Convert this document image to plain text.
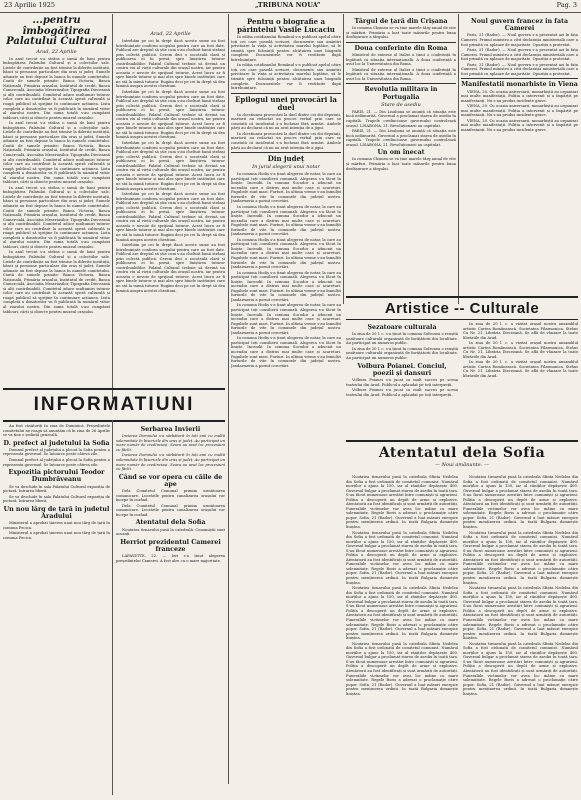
23 Aprilie 1925	„TRIBUNA NOUA”	Pag. 3
...pentru îmbogățirea Palatului Cultural
Arad, 22 Aprilie

In anul trecut s-a strâns o sumă de bani pentru îmbogățirea Palatului Cultural și a colecțiilor sale. Listele de contribuție au fost trimise la diferite instituții, bănci și persoane particulare din oraș și județ. Sumele adunate au fost depuse la banca în numele comitetului. Contă de sumele primite: Banca Victoria, Banca Națională, Primăria orașului, Institutul de credit, Banca Comercială, Asociația Meseriașilor, Tipografia Diecezană și alți contribuabili. Comitetul aduce mulțumiri tuturor celor care au contribuit la această operă culturală și roagă publicul să sprijine în continuare acțiunea. Lista completă a donatorilor va fi publicată în numărul viitor al ziarului nostru. Din suma totală s-au cumpărat tablouri, cărți și obiecte pentru muzeul orașului.

In anul trecut s-a strâns o sumă de bani pentru îmbogățirea Palatului Cultural și a colecțiilor sale. Listele de contribuție au fost trimise la diferite instituții, bănci și persoane particulare din oraș și județ. Sumele adunate au fost depuse la banca în numele comitetului. Contă de sumele primite: Banca Victoria, Banca Națională, Primăria orașului, Institutul de credit, Banca Comercială, Asociația Meseriașilor, Tipografia Diecezană și alți contribuabili. Comitetul aduce mulțumiri tuturor celor care au contribuit la această operă culturală și roagă publicul să sprijine în continuare acțiunea. Lista completă a donatorilor va fi publicată în numărul viitor al ziarului nostru. Din suma totală s-au cumpărat tablouri, cărți și obiecte pentru muzeul orașului.

In anul trecut s-a strâns o sumă de bani pentru îmbogățirea Palatului Cultural și a colecțiilor sale. Listele de contribuție au fost trimise la diferite instituții, bănci și persoane particulare din oraș și județ. Sumele adunate au fost depuse la banca în numele comitetului. Contă de sumele primite: Banca Victoria, Banca Națională, Primăria orașului, Institutul de credit, Banca Comercială, Asociația Meseriașilor, Tipografia Diecezană și alți contribuabili. Comitetul aduce mulțumiri tuturor celor care au contribuit la această operă culturală și roagă publicul să sprijine în continuare acțiunea. Lista completă a donatorilor va fi publicată în numărul viitor al ziarului nostru. Din suma totală s-au cumpărat tablouri, cărți și obiecte pentru muzeul orașului.

In anul trecut s-a strâns o sumă de bani pentru îmbogățirea Palatului Cultural și a colecțiilor sale. Listele de contribuție au fost trimise la diferite instituții, bănci și persoane particulare din oraș și județ. Sumele adunate au fost depuse la banca în numele comitetului. Contă de sumele primite: Banca Victoria, Banca Națională, Primăria orașului, Institutul de credit, Banca Comercială, Asociația Meseriașilor, Tipografia Diecezană și alți contribuabili. Comitetul aduce mulțumiri tuturor celor care au contribuit la această operă culturală și roagă publicul să sprijine în continuare acțiunea. Lista completă a donatorilor va fi publicată în numărul viitor al ziarului nostru. Din suma totală s-au cumpărat tablouri, cărți și obiecte pentru muzeul orașului.

Arad, 22 Aprilie

Intrebăm pe cei în drept dacă aceste sume au fost întrebuințate conform scopului pentru care au fost date. Publicul are dreptul să știe cum s-au cheltuit banii strânși prin colectă publică. Cerem deci o socoteală clară și publicarea ei în presă, spre liniștirea tuturor contribuabililor. Palatul Cultural trebuie să devină un centru viu al vieții culturale din orașul nostru, iar pentru aceasta e nevoie de sprijinul tuturor. Acest lucru ar fi spre binele tuturor și mai ales spre binele instituției care ne stă la inimă tuturor. Rugăm deci pe cei în drept să dea lumină asupra acestei chestiuni.

Intrebăm pe cei în drept dacă aceste sume au fost întrebuințate conform scopului pentru care au fost date. Publicul are dreptul să știe cum s-au cheltuit banii strânși prin colectă publică. Cerem deci o socoteală clară și publicarea ei în presă, spre liniștirea tuturor contribuabililor. Palatul Cultural trebuie să devină un centru viu al vieții culturale din orașul nostru, iar pentru aceasta e nevoie de sprijinul tuturor. Acest lucru ar fi spre binele tuturor și mai ales spre binele instituției care ne stă la inimă tuturor. Rugăm deci pe cei în drept să dea lumină asupra acestei chestiuni.

Intrebăm pe cei în drept dacă aceste sume au fost întrebuințate conform scopului pentru care au fost date. Publicul are dreptul să știe cum s-au cheltuit banii strânși prin colectă publică. Cerem deci o socoteală clară și publicarea ei în presă, spre liniștirea tuturor contribuabililor. Palatul Cultural trebuie să devină un centru viu al vieții culturale din orașul nostru, iar pentru aceasta e nevoie de sprijinul tuturor. Acest lucru ar fi spre binele tuturor și mai ales spre binele instituției care ne stă la inimă tuturor. Rugăm deci pe cei în drept să dea lumină asupra acestei chestiuni.

Intrebăm pe cei în drept dacă aceste sume au fost întrebuințate conform scopului pentru care au fost date. Publicul are dreptul să știe cum s-au cheltuit banii strânși prin colectă publică. Cerem deci o socoteală clară și publicarea ei în presă, spre liniștirea tuturor contribuabililor. Palatul Cultural trebuie să devină un centru viu al vieții culturale din orașul nostru, iar pentru aceasta e nevoie de sprijinul tuturor. Acest lucru ar fi spre binele tuturor și mai ales spre binele instituției care ne stă la inimă tuturor. Rugăm deci pe cei în drept să dea lumină asupra acestei chestiuni.

Intrebăm pe cei în drept dacă aceste sume au fost întrebuințate conform scopului pentru care au fost date. Publicul are dreptul să știe cum s-au cheltuit banii strânși prin colectă publică. Cerem deci o socoteală clară și publicarea ei în presă, spre liniștirea tuturor contribuabililor. Palatul Cultural trebuie să devină un centru viu al vieții culturale din orașul nostru, iar pentru aceasta e nevoie de sprijinul tuturor. Acest lucru ar fi spre binele tuturor și mai ales spre binele instituției care ne stă la inimă tuturor. Rugăm deci pe cei în drept să dea lumină asupra acestei chestiuni.

Pentru o biografie a părintelui Vasile Lucaciu

In ediția cotidianului Românul s-a publicat apelul către toți cei care posedă scrisori, documente sau amintiri privitoare la viața și activitatea marelui luptător, să le trimită spre folosință pentru alcătuirea unei biografii complete. Documentele vor fi restituite după întrebuințare.

In ediția cotidianului Românul s-a publicat apelul către toți cei care posedă scrisori, documente sau amintiri privitoare la viața și activitatea marelui luptător, să le trimită spre folosință pentru alcătuirea unei biografii complete. Documentele vor fi restituite după întrebuințare.

Epilogul unei provocări la duel

In chestiunea provocării la duel dintre cei doi deputați, martorii au redactat un proces verbal prin care se constată că incidentul s-a încheiat fără urmări. Ambele părți au declarat că nu au avut intenția de a jigni.

In chestiunea provocării la duel dintre cei doi deputați, martorii au redactat un proces verbal prin care se constată că incidentul s-a încheiat fără urmări. Ambele părți au declarat că nu au avut intenția de a jigni.

Din județ
In jurul alegerii unui notar

In comuna Hodiș s-a ținut alegerea de notar, la care au participat toți consilierii comunali. Alegerea s-a făcut în liniște. Incendii. In comuna Socodor a izbucnit un incendiu care a distrus mai multe case și acareturi. Pagubele sunt mari. Furturi. In ultima vreme s-au înmulțit furturile de vite în comunele din județul nostru. Jandarmeria a pornit cercetări.

In comuna Hodiș s-a ținut alegerea de notar, la care au participat toți consilierii comunali. Alegerea s-a făcut în liniște. Incendii. In comuna Socodor a izbucnit un incendiu care a distrus mai multe case și acareturi. Pagubele sunt mari. Furturi. In ultima vreme s-au înmulțit furturile de vite în comunele din județul nostru. Jandarmeria a pornit cercetări.

In comuna Hodiș s-a ținut alegerea de notar, la care au participat toți consilierii comunali. Alegerea s-a făcut în liniște. Incendii. In comuna Socodor a izbucnit un incendiu care a distrus mai multe case și acareturi. Pagubele sunt mari. Furturi. In ultima vreme s-au înmulțit furturile de vite în comunele din județul nostru. Jandarmeria a pornit cercetări.

In comuna Hodiș s-a ținut alegerea de notar, la care au participat toți consilierii comunali. Alegerea s-a făcut în liniște. Incendii. In comuna Socodor a izbucnit un incendiu care a distrus mai multe case și acareturi. Pagubele sunt mari. Furturi. In ultima vreme s-au înmulțit furturile de vite în comunele din județul nostru. Jandarmeria a pornit cercetări.

In comuna Hodiș s-a ținut alegerea de notar, la care au participat toți consilierii comunali. Alegerea s-a făcut în liniște. Incendii. In comuna Socodor a izbucnit un incendiu care a distrus mai multe case și acareturi. Pagubele sunt mari. Furturi. In ultima vreme s-au înmulțit furturile de vite în comunele din județul nostru. Jandarmeria a pornit cercetări.

In comuna Hodiș s-a ținut alegerea de notar, la care au participat toți consilierii comunali. Alegerea s-a făcut în liniște. Incendii. In comuna Socodor a izbucnit un incendiu care a distrus mai multe case și acareturi. Pagubele sunt mari. Furturi. In ultima vreme s-au înmulțit furturile de vite în comunele din județul nostru. Jandarmeria a pornit cercetări.

Târgul de țară din Crișana

In comuna Chșineu se va ține marele târg anual de vite și mărfuri. Primăria a luat toate măsurile pentru buna desfășurare a târgului.

Doua conferinte din Roma

Ministrul de externe al Italiei a ținut o conferință în legătură cu situația internațională. A doua conferință a avut loc la Universitatea din Roma.

Ministrul de externe al Italiei a ținut o conferință în legătură cu situația internațională. A doua conferință a avut loc la Universitatea din Roma.

Revolutia militara in Portugalia
Stare de asediu

PARIS, 21. — Din Lisabona se anunță că situația este încă nelămurită. Guvernul a proclamat starea de asediu în capitală. Trupele credincioase guvernului controlează orașul. LISABONA, 21. Revoluționarii au capitulat.

PARIS, 21. — Din Lisabona se anunță că situația este încă nelămurită. Guvernul a proclamat starea de asediu în capitală. Trupele credincioase guvernului controlează orașul. LISABONA, 21. Revoluționarii au capitulat.

Un om înecat

In comuna Chșineu se va ține marele târg anual de vite și mărfuri. Primăria a luat toate măsurile pentru buna desfășurare a târgului.

Noul guvern francez in fata Camerei

Paris, 21 (Rador). — Noul guvern s-a prezentat azi în fața Camerei. Primul ministru a citit declarația ministerială care a fost primită cu aplauze de majoritate. Opoziția a protestat.

Paris, 21 (Rador). — Noul guvern s-a prezentat azi în fața Camerei. Primul ministru a citit declarația ministerială care a fost primită cu aplauze de majoritate. Opoziția a protestat.

Paris, 21 (Rador). — Noul guvern s-a prezentat azi în fața Camerei. Primul ministru a citit declarația ministerială care a fost primită cu aplauze de majoritate. Opoziția a protestat.

Manifestatii monarhiste in Viena

VIENA, 20. Cu ocazia aniversarii, monarhiștii au organizat mai multe manifestații. Poliția a intervenit și a împărțit pe manifestanți. Nu s-au produs incidente grave.

VIENA, 20. Cu ocazia aniversarii, monarhiștii au organizat mai multe manifestații. Poliția a intervenit și a împărțit pe manifestanți. Nu s-au produs incidente grave.

VIENA, 20. Cu ocazia aniversarii, monarhiștii au organizat mai multe manifestații. Poliția a intervenit și a împărțit pe manifestanți. Nu s-au produs incidente grave.

Artistice -- Culturale
Șezatoare culturala

In ziua de 20 l. c. s-a ținut în comuna Sofronea o reușită șezătoare culturală organizată de învățătorii din localitate. Au participat un numeros public.

In ziua de 20 l. c. s-a ținut în comuna Sofronea o reușită șezătoare culturală organizată de învățătorii din localitate. Au participat un numeros public.

Volbura Poianei. Conciul, poezii și dansuri

Volbura Poianei s-a jucat cu mult succes pe scena teatrului din Arad. Publicul a aplaudat pe toți interpreții.

Volbura Poianei s-a jucat cu mult succes pe scena teatrului din Arad. Publicul a aplaudat pe toți interpreții.

In ziua de 20 l. c. a vizitat orașul nostru ansamblul artistic Cartea Românească. Societatea Filarmonica, Strâns Cu Nr. 21. Librăria Diecezană. Se află de vânzare la toate librăriile din Arad.

In ziua de 20 l. c. a vizitat orașul nostru ansamblul artistic Cartea Românească. Societatea Filarmonica, Strâns Cu Nr. 21. Librăria Diecezană. Se află de vânzare la toate librăriile din Arad.

In ziua de 20 l. c. a vizitat orașul nostru ansamblul artistic Cartea Românească. Societatea Filarmonica, Strâns Cu Nr. 21. Librăria Diecezană. Se află de vânzare la toate librăriile din Arad.

Atentatul dela Sofia
— Noui amănunte. —

Noutatea tirnavului pusă la catedrala Sfinta Nedelea din Sofia a fost ordonată de comitetul comunist. Numărul morților a ajuns la 150, iar al răniților depășește 400. Guvernul bulgar a proclamat starea de asediu în toată țara. S-au făcut numeroase arestări între comuniști și agrarieni. Poliția a descoperit un depôt de arme și explozive. Atentatorii au fost identificați și sunt urmăriți de autorități. Funeraliile victimelor vor avea loc mâine cu mare solemnitate. Regele Boris a adresat o proclamație către popor. Sofia, 21 (Rador). Guvernul a luat măsuri energice pentru menținerea ordinii. In toată Bulgaria domnește liniștea.

Noutatea tirnavului pusă la catedrala Sfinta Nedelea din Sofia a fost ordonată de comitetul comunist. Numărul morților a ajuns la 150, iar al răniților depășește 400. Guvernul bulgar a proclamat starea de asediu în toată țara. S-au făcut numeroase arestări între comuniști și agrarieni. Poliția a descoperit un depôt de arme și explozive. Atentatorii au fost identificați și sunt urmăriți de autorități. Funeraliile victimelor vor avea loc mâine cu mare solemnitate. Regele Boris a adresat o proclamație către popor. Sofia, 21 (Rador). Guvernul a luat măsuri energice pentru menținerea ordinii. In toată Bulgaria domnește liniștea.

Noutatea tirnavului pusă la catedrala Sfinta Nedelea din Sofia a fost ordonată de comitetul comunist. Numărul morților a ajuns la 150, iar al răniților depășește 400. Guvernul bulgar a proclamat starea de asediu în toată țara. S-au făcut numeroase arestări între comuniști și agrarieni. Poliția a descoperit un depôt de arme și explozive. Atentatorii au fost identificați și sunt urmăriți de autorități. Funeraliile victimelor vor avea loc mâine cu mare solemnitate. Regele Boris a adresat o proclamație către popor. Sofia, 21 (Rador). Guvernul a luat măsuri energice pentru menținerea ordinii. In toată Bulgaria domnește liniștea.

Noutatea tirnavului pusă la catedrala Sfinta Nedelea din Sofia a fost ordonată de comitetul comunist. Numărul morților a ajuns la 150, iar al răniților depășește 400. Guvernul bulgar a proclamat starea de asediu în toată țara. S-au făcut numeroase arestări între comuniști și agrarieni. Poliția a descoperit un depôt de arme și explozive. Atentatorii au fost identificați și sunt urmăriți de autorități. Funeraliile victimelor vor avea loc mâine cu mare solemnitate. Regele Boris a adresat o proclamație către popor. Sofia, 21 (Rador). Guvernul a luat măsuri energice pentru menținerea ordinii. In toată Bulgaria domnește liniștea.

Noutatea tirnavului pusă la catedrala Sfinta Nedelea din Sofia a fost ordonată de comitetul comunist. Numărul morților a ajuns la 150, iar al răniților depășește 400. Guvernul bulgar a proclamat starea de asediu în toată țara. S-au făcut numeroase arestări între comuniști și agrarieni. Poliția a descoperit un depôt de arme și explozive. Atentatorii au fost identificați și sunt urmăriți de autorități. Funeraliile victimelor vor avea loc mâine cu mare solemnitate. Regele Boris a adresat o proclamație către popor. Sofia, 21 (Rador). Guvernul a luat măsuri energice pentru menținerea ordinii. In toată Bulgaria domnește liniștea.

Noutatea tirnavului pusă la catedrala Sfinta Nedelea din Sofia a fost ordonată de comitetul comunist. Numărul morților a ajuns la 150, iar al răniților depășește 400. Guvernul bulgar a proclamat starea de asediu în toată țara. S-au făcut numeroase arestări între comuniști și agrarieni. Poliția a descoperit un depôt de arme și explozive. Atentatorii au fost identificați și sunt urmăriți de autorități. Funeraliile victimelor vor avea loc mâine cu mare solemnitate. Regele Boris a adresat o proclamație către popor. Sofia, 21 (Rador). Guvernul a luat măsuri energice pentru menținerea ordinii. In toată Bulgaria domnește liniștea.

Noutatea tirnavului pusă la catedrala Sfinta Nedelea din Sofia a fost ordonată de comitetul comunist. Numărul morților a ajuns la 150, iar al răniților depășește 400. Guvernul bulgar a proclamat starea de asediu în toată țara. S-au făcut numeroase arestări între comuniști și agrarieni. Poliția a descoperit un depôt de arme și explozive. Atentatorii au fost identificați și sunt urmăriți de autorități. Funeraliile victimelor vor avea loc mâine cu mare solemnitate. Regele Boris a adresat o proclamație către popor. Sofia, 21 (Rador). Guvernul a luat măsuri energice pentru menținerea ordinii. In toată Bulgaria domnește liniștea.

Noutatea tirnavului pusă la catedrala Sfinta Nedelea din Sofia a fost ordonată de comitetul comunist. Numărul morților a ajuns la 150, iar al răniților depășește 400. Guvernul bulgar a proclamat starea de asediu în toată țara. S-au făcut numeroase arestări între comuniști și agrarieni. Poliția a descoperit un depôt de arme și explozive. Atentatorii au fost identificați și sunt urmăriți de autorități. Funeraliile victimelor vor avea loc mâine cu mare solemnitate. Regele Boris a adresat o proclamație către popor. Sofia, 21 (Rador). Guvernul a luat măsuri energice pentru menținerea ordinii. In toată Bulgaria domnește liniștea.

INFORMATIUNI

Au fost căsătoriți în ziua de Duminică. Președintele comitetului ne roagă să anunțăm că în ziua de 26 Aprilie se va ține o ședință generală.

D. prefect al judetului la Sofia

Domnul prefect al județului a plecat la Sofia pentru a reprezenta guvernul. Se întoarce peste câteva zile.

Domnul prefect al județului a plecat la Sofia pentru a reprezenta guvernul. Se întoarce peste câteva zile.

Expozitia pictorului Teodor Dumbrăveanu

Se va deschide în sala Palatului Cultural expoziția de pictură. Intrarea liberă.

Se va deschide în sala Palatului Cultural expoziția de pictură. Intrarea liberă.

Un nou lârg de țară in judetul Aradului

Ministerul a aprobat ținerea unui nou târg de țară în comuna Pecica.

Ministerul a aprobat ținerea unui nou târg de țară în comuna Pecica.

Serbarea Invierii

Invierea Domnului s-a sărbătorit în toți anii cu multă solemnitate în bisericile din oraș și județ. Au participat un mare număr de credincioși. Seara au avut loc procesiuni cu făclii.

Invierea Domnului s-a sărbătorit în toți anii cu multă solemnitate în bisericile din oraș și județ. Au participat un mare număr de credincioși. Seara au avut loc procesiuni cu făclii.

Când se vor opera cu căile de ape

Dela Comitetul Comunal primim următoarea comunicare. Lucrările pentru canalizarea orașului vor începe în curând.

Dela Comitetul Comunal primim următoarea comunicare. Lucrările pentru canalizarea orașului vor începe în curând.

Atentatul dela Sofia

Noutatea tirnavului pusă la catedrală. Comuniștii sunt acuzați.

Herriot prezidentul Camerei franceze

LAFAYETTE, 22. — Ieri s-a ținut alegerea președintelui Camerei. A fost ales cu o mare majoritate.
